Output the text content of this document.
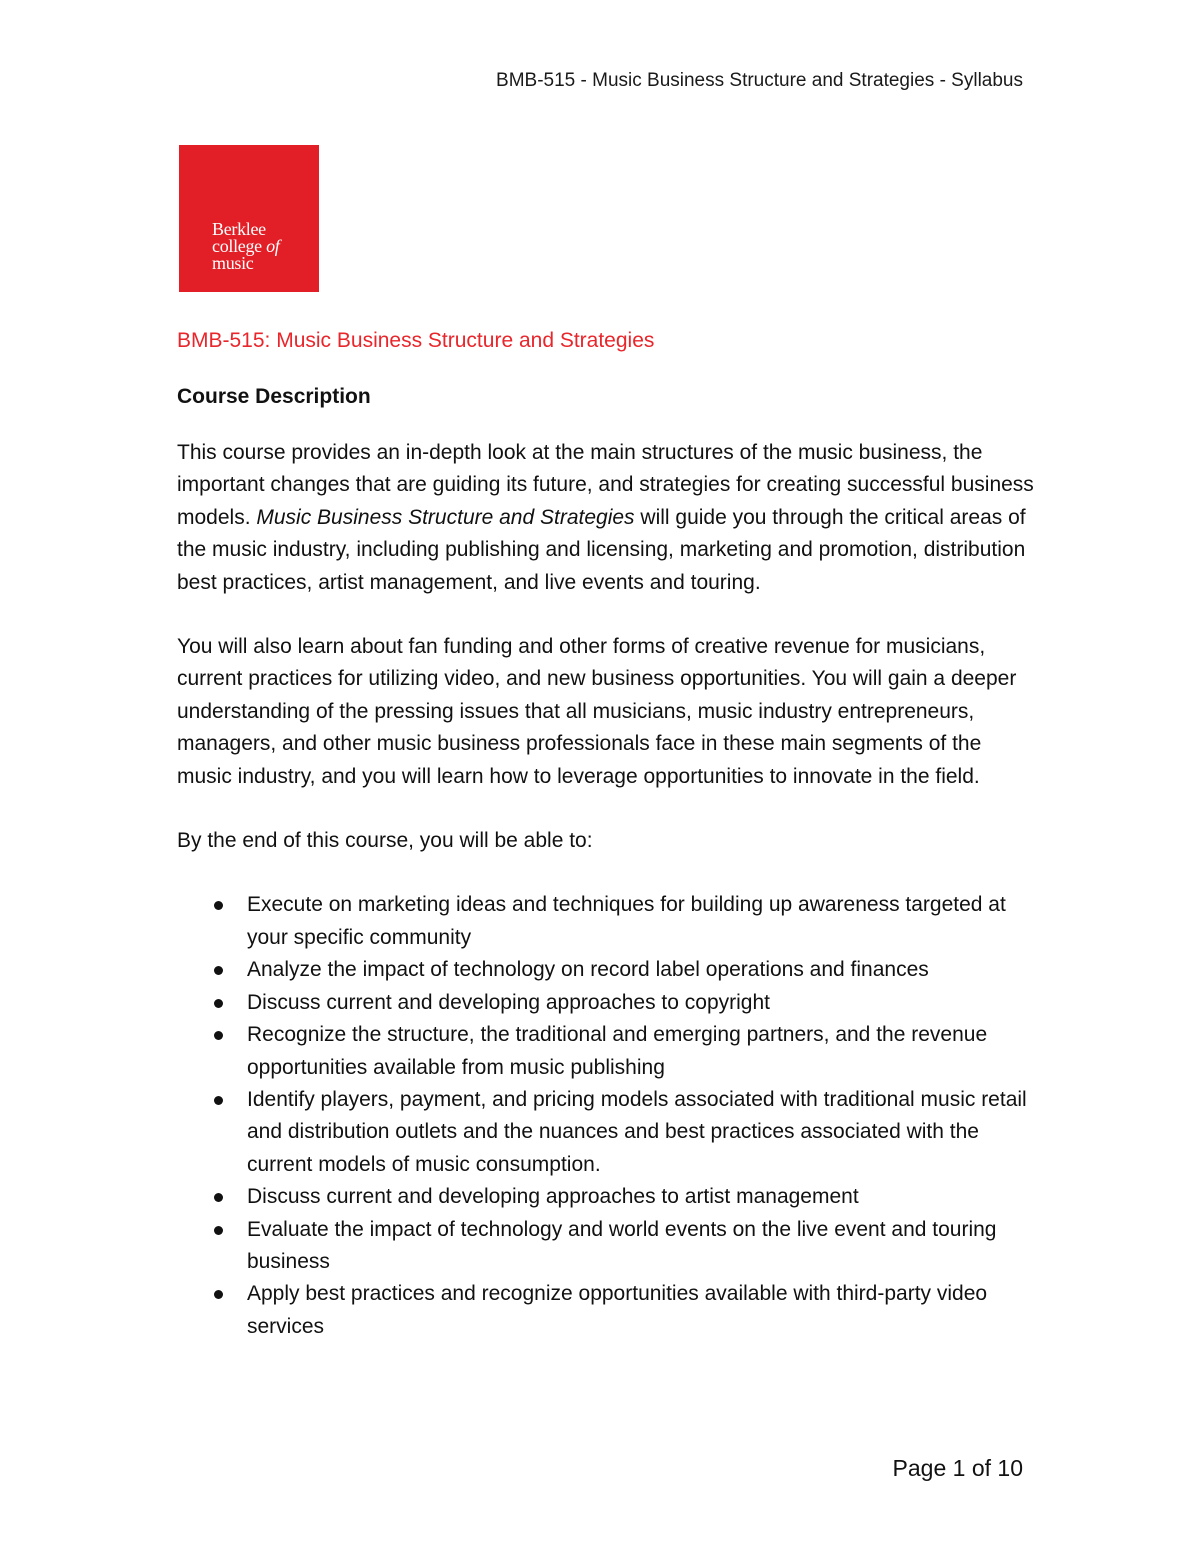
BMB-515 - Music Business Structure and Strategies - Syllabus
Berklee
college of
music
BMB-515: Music Business Structure and Strategies
Course Description

This course provides an in-depth look at the main structures of the music business, the important changes that are guiding its future, and strategies for creating successful business models. Music Business Structure and Strategies will guide you through the critical areas of the music industry, including publishing and licensing, marketing and promotion, distribution best practices, artist management, and live events and touring.

You will also learn about fan funding and other forms of creative revenue for musicians, current practices for utilizing video, and new business opportunities. You will gain a deeper understanding of the pressing issues that all musicians, music industry entrepreneurs, managers, and other music business professionals face in these main segments of the music industry, and you will learn how to leverage opportunities to innovate in the field.

By the end of this course, you will be able to:

Execute on marketing ideas and techniques for building up awareness targeted at your specific community
Analyze the impact of technology on record label operations and finances
Discuss current and developing approaches to copyright
Recognize the structure, the traditional and emerging partners, and the revenue opportunities available from music publishing
Identify players, payment, and pricing models associated with traditional music retail and distribution outlets and the nuances and best practices associated with the current models of music consumption.
Discuss current and developing approaches to artist management
Evaluate the impact of technology and world events on the live event and touring business
Apply best practices and recognize opportunities available with third-party video services
Page 1 of 10
